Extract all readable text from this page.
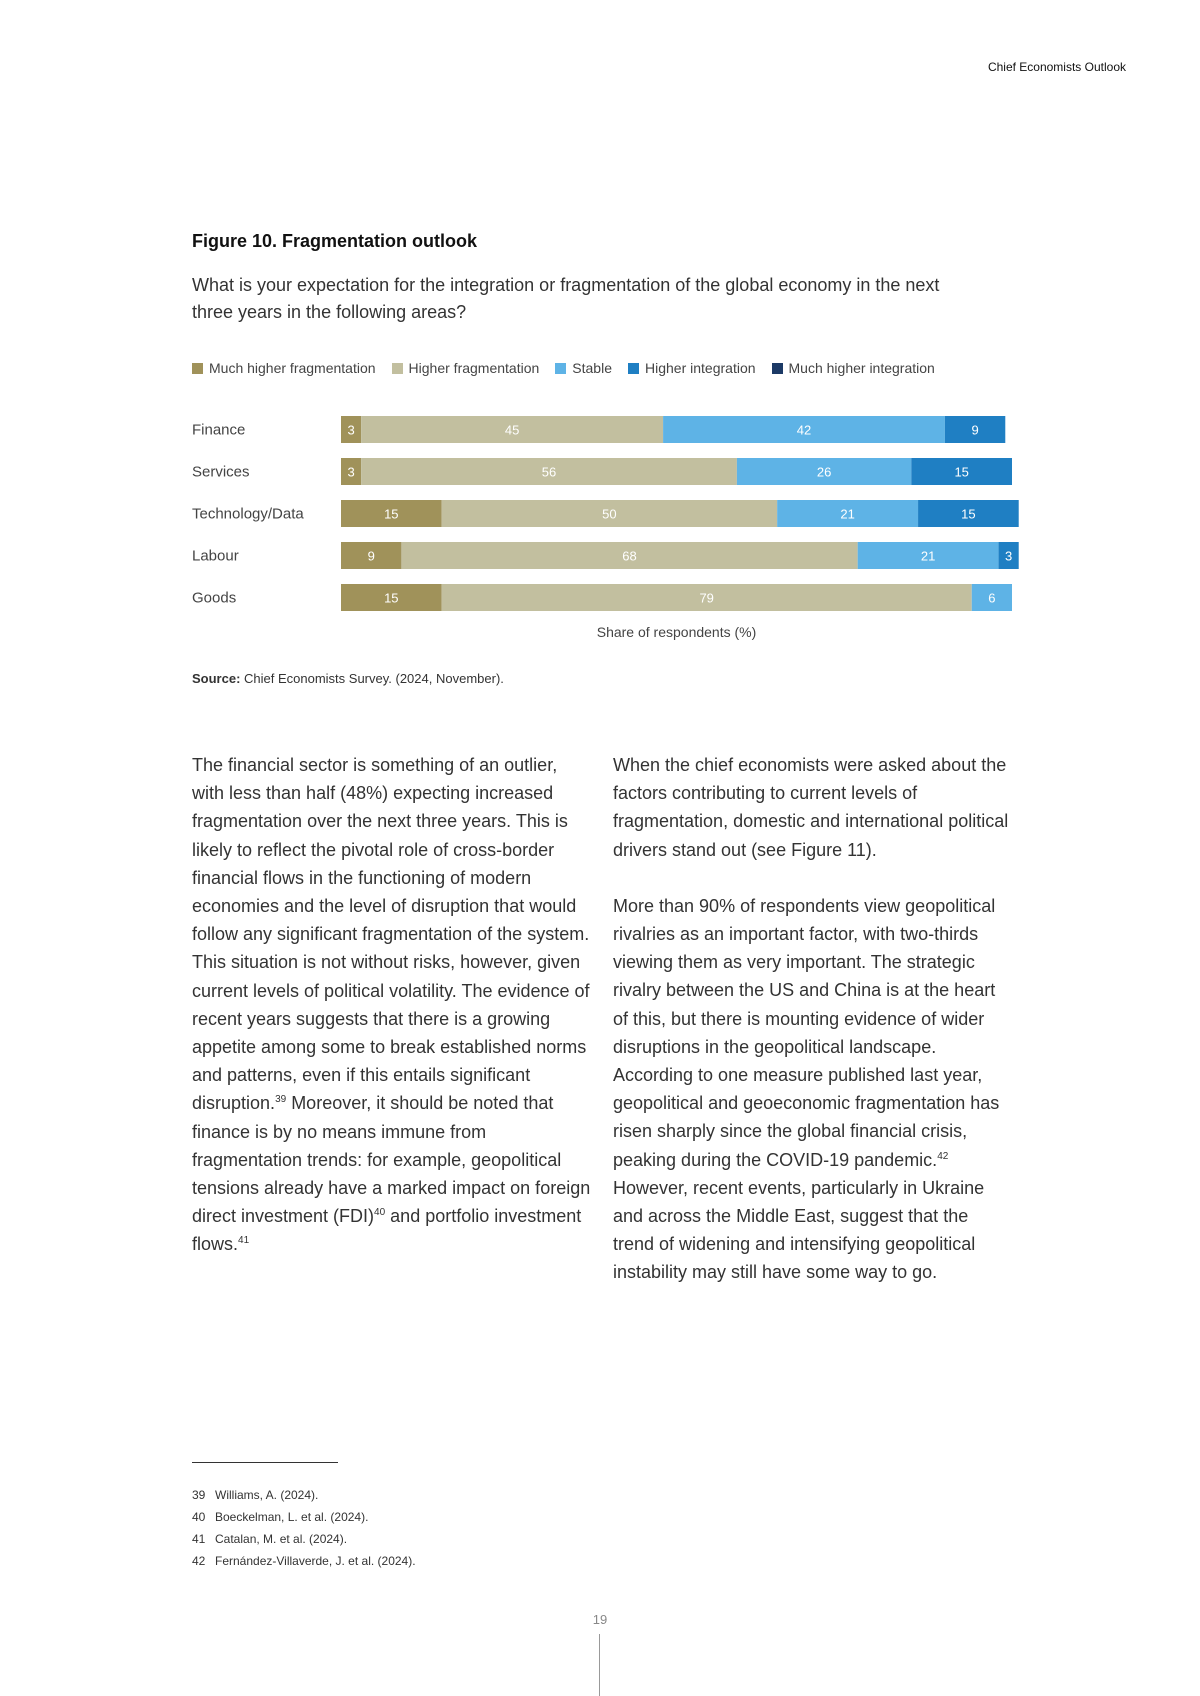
Chief Economists Outlook
Figure 10. Fragmentation outlook
What is your expectation for the integration or fragmentation of the global economy in the next three years in the following areas?
Much higher fragmentation Higher fragmentation Stable Higher integration Much higher integration
Finance	3	45	42	9
Services	3	56	26	15
Technology/Data	15	50	21	15
Labour	9	68	21	3
Goods	15	79	6
Share of respondents (%)
Source: Chief Economists Survey. (2024, November).

The financial sector is something of an outlier, with less than half (48%) expecting increased fragmentation over the next three years. This is likely to reflect the pivotal role of cross-border financial flows in the functioning of modern economies and the level of disruption that would follow any significant fragmentation of the system. This situation is not without risks, however, given current levels of political volatility. The evidence of recent years suggests that there is a growing appetite among some to break established norms and patterns, even if this entails significant disruption.$^{39}$ Moreover, it should be noted that finance is by no means immune from fragmentation trends: for example, geopolitical tensions already have a marked impact on foreign direct investment (FDI)$^{40}$ and portfolio investment flows.$^{41}$

When the chief economists were asked about the factors contributing to current levels of fragmentation, domestic and international political drivers stand out (see Figure 11).

More than 90% of respondents view geopolitical rivalries as an important factor, with two-thirds viewing them as very important. The strategic rivalry between the US and China is at the heart of this, but there is mounting evidence of wider disruptions in the geopolitical landscape. According to one measure published last year, geopolitical and geoeconomic fragmentation has risen sharply since the global financial crisis, peaking during the COVID-19 pandemic.$^{42}$ However, recent events, particularly in Ukraine and across the Middle East, suggest that the trend of widening and intensifying geopolitical instability may still have some way to go.

39 Williams, A. (2024).
40 Boeckelman, L. et al. (2024).
41 Catalan, M. et al. (2024).
42 Fernández-Villaverde, J. et al. (2024).
19
